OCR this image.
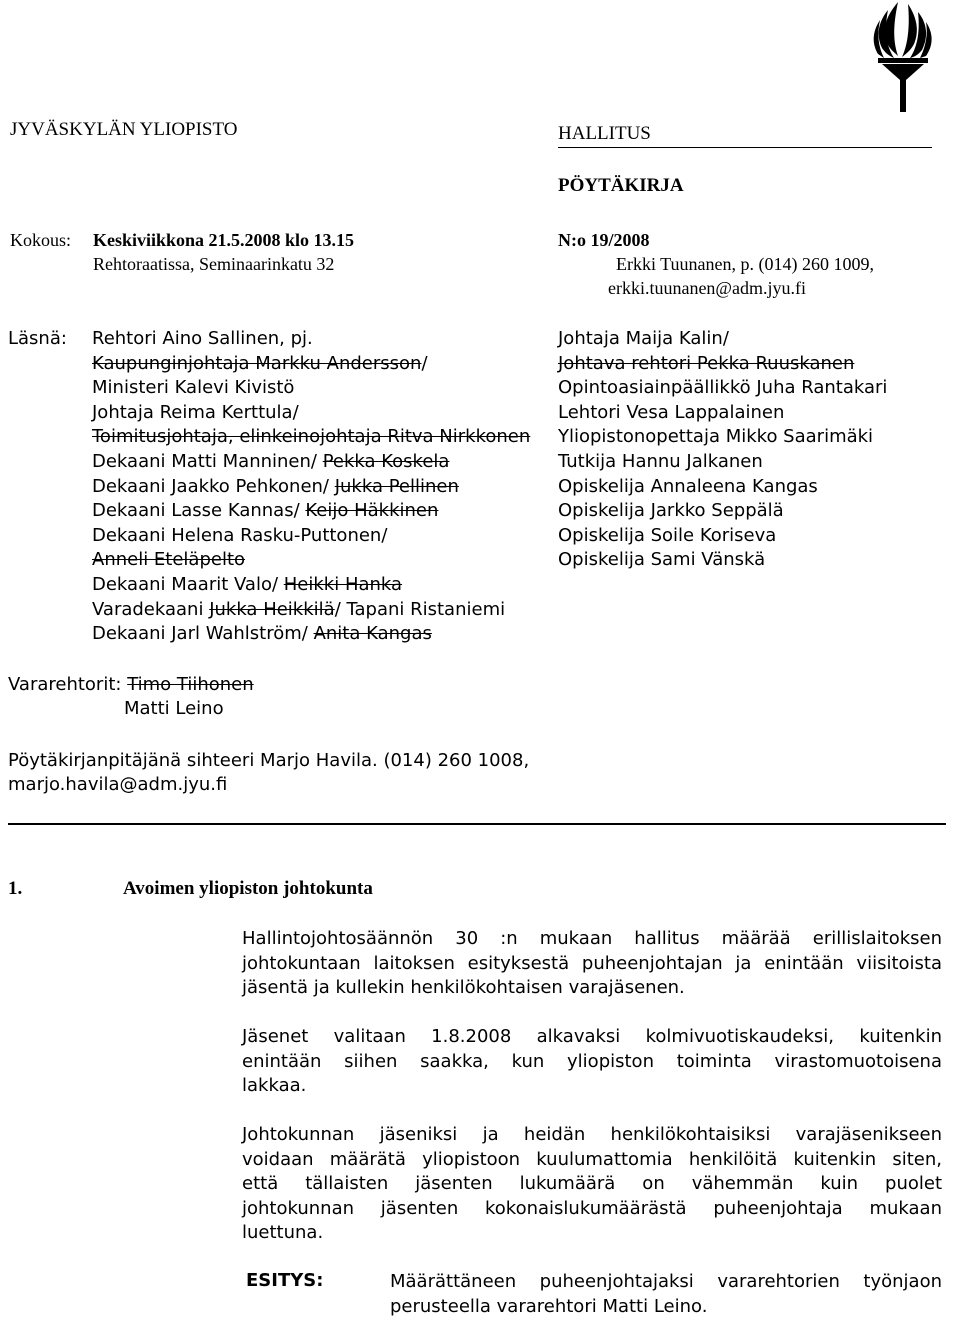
JYVÄSKYLÄN YLIOPISTO	HALLITUS
PÖYTÄKIRJA
Kokous: Keskiviikkona 21.5.2008 klo 13.15
Rehtoraatissa, Seminaarinkatu 32
N:o 19/2008
Erkki Tuunanen, p. (014) 260 1009,
erkki.tuunanen@adm.jyu.fi
Läsnä: Rehtori Aino Sallinen, pj.
Kaupunginjohtaja Markku Andersson/
Ministeri Kalevi Kivistö
Johtaja Reima Kerttula/
Toimitusjohtaja, elinkeinojohtaja Ritva Nirkkonen
Dekaani Matti Manninen/ Pekka Koskela
Dekaani Jaakko Pehkonen/ Jukka Pellinen
Dekaani Lasse Kannas/ Keijo Häkkinen
Dekaani Helena Rasku-Puttonen/
Anneli Eteläpelto
Dekaani Maarit Valo/ Heikki Hanka
Varadekaani Jukka Heikkilä/ Tapani Ristaniemi
Dekaani Jarl Wahlström/ Anita Kangas
Johtaja Maija Kalin/
Johtava rehtori Pekka Ruuskanen
Opintoasiainpäällikkö Juha Rantakari
Lehtori Vesa Lappalainen
Yliopistonopettaja Mikko Saarimäki
Tutkija Hannu Jalkanen
Opiskelija Annaleena Kangas
Opiskelija Jarkko Seppälä
Opiskelija Soile Koriseva
Opiskelija Sami Vänskä
Vararehtorit: Timo Tiihonen
Matti Leino
Pöytäkirjanpitäjänä sihteeri Marjo Havila. (014) 260 1008,
marjo.havila@adm.jyu.fi
1.	Avoimen yliopiston johtokunta
Hallintojohtosäännön 30 :n mukaan hallitus määrää erillislaitoksen
johtokuntaan laitoksen esityksestä puheenjohtajan ja enintään viisitoista
jäsentä ja kullekin henkilökohtaisen varajäsenen.
Jäsenet valitaan 1.8.2008 alkavaksi kolmivuotiskaudeksi, kuitenkin
enintään siihen saakka, kun yliopiston toiminta virastomuotoisena
lakkaa.
Johtokunnan jäseniksi ja heidän henkilökohtaisiksi varajäsenikseen
voidaan määrätä yliopistoon kuulumattomia henkilöitä kuitenkin siten,
että tällaisten jäsenten lukumäärä on vähemmän kuin puolet
johtokunnan jäsenten kokonaislukumäärästä puheenjohtaja mukaan
luettuna.
ESITYS:	Määrättäneen puheenjohtajaksi vararehtorien työnjaon
perusteella vararehtori Matti Leino.
